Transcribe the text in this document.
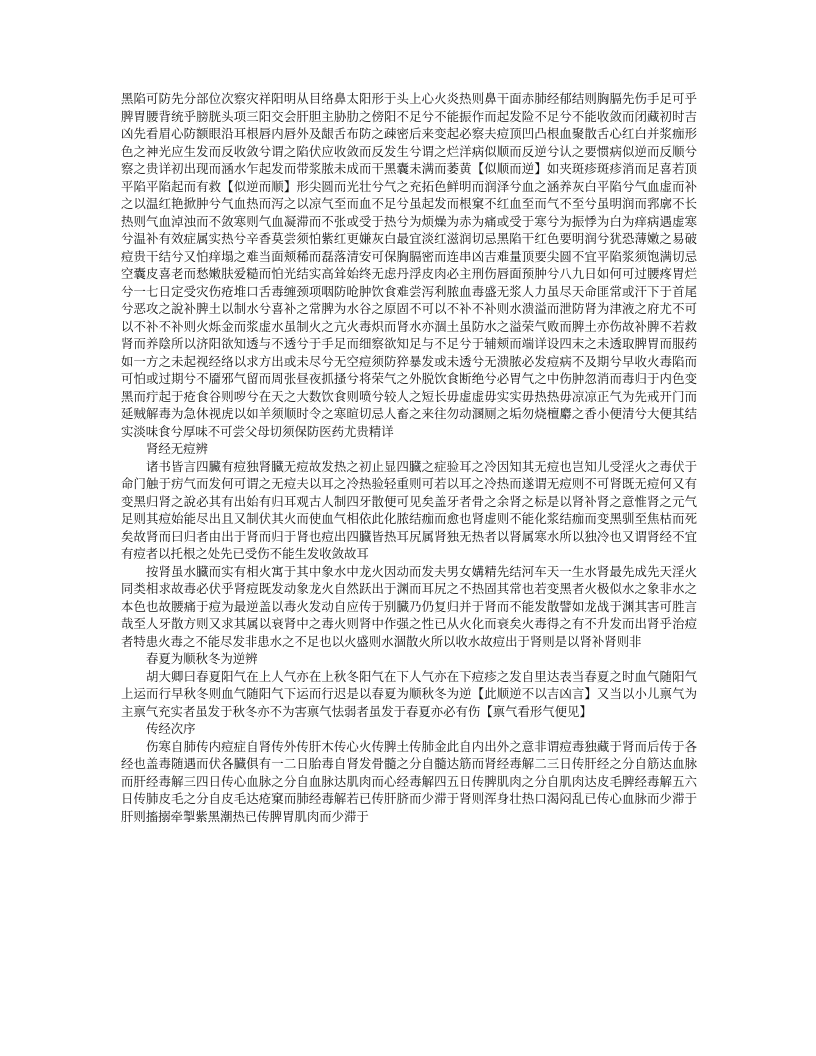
黑陷可防先分部位次察灾祥阳明从目络鼻太阳形于头上心火炎热则鼻干面赤肺经郁结则胸膈先伤手足可乎脾胃腰背统乎膀胱头项三阳交会肝胆主胁肋之傍阳不足兮不能振作而起发险不足兮不能收敛而闭藏初时吉凶先看眉心防额眼沿耳根唇内唇外及龈舌布防之疎密后来变起必察夫痘顶凹凸根血聚散舌心红白并浆痂形色之神光应生发而反收敛兮谓之陷伏应收敛而反发生兮谓之烂洋病似顺而反逆兮认之要惯病似逆而反顺兮察之贵详初出现而涵水乍起发而带浆脓未成而干黑囊未满而萎黄【似顺而逆】如夹斑疹斑疹消而足喜若顶平陷平陷起而有救【似逆而顺】形尖圆而光壮兮气之充拓色鲜明而润泽兮血之涵养灰白平陷兮气血虚而补之以温红艳掀肿兮气血热而泻之以凉气至而血不足兮虽起发而根窠不红血至而气不至兮虽明润而郛廓不长热则气血淖浊而不敛寒则气血凝滞而不张或受于热兮为烦燥为赤为痛或受于寒兮为振悸为白为痒病遇虚寒兮温补有效症属实热兮辛香莫尝须怕紫红更嫌灰白最宜淡红滋润切忌黑陷干红色要明润兮犹恐薄嫩之易破痘贵干结兮又怕痒塌之难当面颊稀而磊落清安可保胸膈密而连串凶吉难量顶要尖圆不宜平陷浆须饱满切忌空囊皮喜老而愁嫩肤爱糙而怕光结实高耸始终无虑丹浮皮肉必主刑伤唇面预肿兮八九日如何可过腰疼胃烂兮一七日定受灾伤疮堆口舌毒缠颈项咽防呛肿饮食难尝泻利脓血毒盛无浆人力虽尽天命匪常或汗下于首尾兮恶攻之說补脾土以制水兮喜补之常脾为水谷之原固不可以不补不补则水溃溢而泄防肾为津液之府尤不可以不补不补则火烁金而浆虚水虽制火之亢火毒炽而肾水亦涸土虽防水之溢荣气败而脾土亦伤故补脾不若救肾而养陰所以济阳欲知透与不透兮于手足而细察欲知足与不足兮于辅颊而端详设四末之未透取脾胃而服药如一方之未起视经络以求方出或未尽兮无空痘须防猝暴发或未透兮无溃脓必发痘病不及期兮早收火毒陷而可怕或过期兮不靥邪气留而周张昼夜抓搔兮将荣气之外脱饮食断绝兮必胃气之中伤肿忽消而毒归于内色变黑而疔起于疮食谷则哕兮在天之大数饮食则喷兮较人之短长毋虚虚毋实实毋热热毋凉凉正气为先戒开门而延贼解毒为急休视虎以如羊须顺时令之寒暄切忌人畜之来往勿动溷厕之垢勿烧檀麝之香小便清兮大便其结实淡味食兮厚味不可尝父母切须保防医药尤贵精详

肾经无痘辨

诸书皆言四臟有痘独肾臓无痘故发热之初止显四臓之症验耳之冷因知其无痘也岂知儿受淫火之毒伏于命门触于疠气而发何可谓之无痘夫以耳之冷热验轻重则可若以耳之冷热而遂谓无痘则不可肾既无痘何又有变黑归肾之說必其有出始有归耳观古人制四牙散便可见矣盖牙者骨之余肾之标是以肾补肾之意惟肾之元气足则其痘始能尽出且又制伏其火而使血气相依此化脓结痂而愈也肾虚则不能化浆结痂而变黑驯至焦枯而死矣故肾而曰归者由出于肾而归于肾也痘出四臓皆热耳尻属肾独无热者以肾属寒水所以独冷也又谓肾经不宜有痘者以托根之处先已受伤不能生发收敛故耳

按肾虽水臓而实有相火寓于其中象水中龙火因动而发夫男女媾精先结河车天一生水肾最先成先天淫火同类相求故毒必伏乎肾痘既发动象龙火自然跃出于渊而耳尻之不热固其常也若变黑者火极似水之象非水之本色也故腰痛于痘为最逆盖以毒火发动自应传于别臓乃仍复归并于肾而不能发散譬如龙战于渊其害可胜言哉至人牙散方则又求其属以衰肾中之毒火则肾中作强之性已从火化而衰矣火毒得之有不升发而出肾乎治痘者特患火毒之不能尽发非患水之不足也以火盛则水涸散火所以收水故痘出于肾则是以肾补肾则非

春夏为顺秋冬为逆辨

胡大卿曰春夏阳气在上人气亦在上秋冬阳气在下人气亦在下痘疹之发自里达表当春夏之时血气随阳气上运而行早秋冬则血气随阳气下运而行迟是以春夏为顺秋冬为逆【此顺逆不以吉凶言】又当以小儿禀气为主禀气充实者虽发于秋冬亦不为害禀气怯弱者虽发于春夏亦必有伤【禀气看形气便见】

传经次序

伤寒自肺传内痘症自肾传外传肝木传心火传脾土传肺金此自内出外之意非谓痘毒独藏于肾而后传于各经也盖毒随遇而伏各臓俱有一二日胎毒自肾发骨髓之分自髓达筋而肾经毒解二三日传肝经之分自筋达血脉而肝经毒解三四日传心血脉之分自血脉达肌肉而心经毒解四五日传脾肌肉之分自肌肉达皮毛脾经毒解五六日传肺皮毛之分自皮毛达疮窠而肺经毒解若已传肝脐而少滞于肾则浑身壮热口渴闷乱已传心血脉而少滞于肝则搐搦牵掣紫黑潮热已传脾胃肌肉而少滞于
